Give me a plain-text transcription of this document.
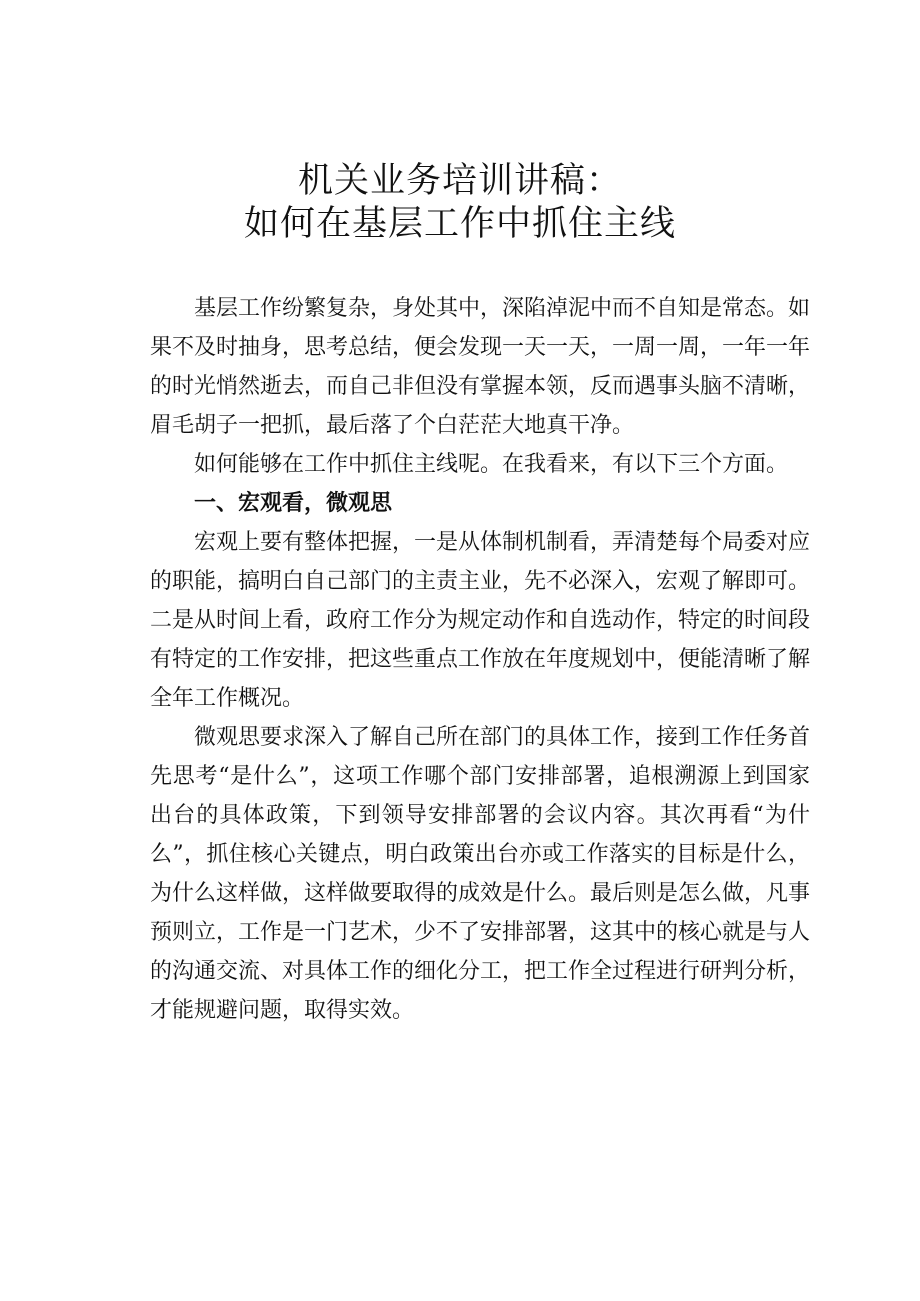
机关业务培训讲稿：
如何在基层工作中抓住主线

基层工作纷繁复杂，身处其中，深陷淖泥中而不自知是常态。如果不及时抽身，思考总结，便会发现一天一天，一周一周，一年一年的时光悄然逝去，而自己非但没有掌握本领，反而遇事头脑不清晰，眉毛胡子一把抓，最后落了个白茫茫大地真干净。

如何能够在工作中抓住主线呢。在我看来，有以下三个方面。

一、宏观看，微观思

宏观上要有整体把握，一是从体制机制看，弄清楚每个局委对应的职能，搞明白自己部门的主责主业，先不必深入，宏观了解即可。二是从时间上看，政府工作分为规定动作和自选动作，特定的时间段有特定的工作安排，把这些重点工作放在年度规划中，便能清晰了解全年工作概况。

微观思要求深入了解自己所在部门的具体工作，接到工作任务首先思考“是什么”，这项工作哪个部门安排部署，追根溯源上到国家出台的具体政策，下到领导安排部署的会议内容。其次再看“为什么”，抓住核心关键点，明白政策出台亦或工作落实的目标是什么，为什么这样做，这样做要取得的成效是什么。最后则是怎么做，凡事预则立，工作是一门艺术，少不了安排部署，这其中的核心就是与人的沟通交流、对具体工作的细化分工，把工作全过程进行研判分析，才能规避问题，取得实效。
